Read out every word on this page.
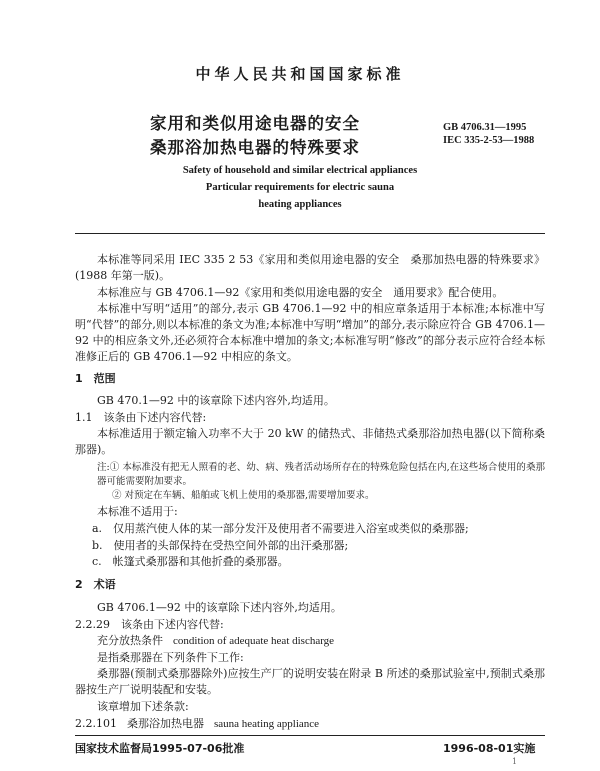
中华人民共和国国家标准
家用和类似用途电器的安全
桑那浴加热电器的特殊要求
GB 4706.31—1995
IEC 335-2-53—1988
Safety of household and similar electrical appliances
Particular requirements for electric sauna
heating appliances
本标准等同采用 IEC 335 2 53《家用和类似用途电器的安全　桑那加热电器的特殊要求》(1988 年第一版)。
本标准应与 GB 4706.1—92《家用和类似用途电器的安全　通用要求》配合使用。
本标准中写明“适用”的部分,表示 GB 4706.1—92 中的相应章条适用于本标准;本标准中写明“代替”的部分,则以本标准的条文为准;本标准中写明“增加”的部分,表示除应符合 GB 4706.1—92 中的相应条文外,还必须符合本标准中增加的条文;本标准写明“修改”的部分表示应符合经本标准修正后的 GB 4706.1—92 中相应的条文。
1　范围
GB 470.1—92 中的该章除下述内容外,均适用。
1.1　该条由下述内容代替:
本标准适用于额定输入功率不大于 20 kW 的储热式、非储热式桑那浴加热电器(以下简称桑那器)。
注:① 本标准没有把无人照看的老、幼、病、残者活动场所存在的特殊危险包括在内,在这些场合使用的桑那器可能需要附加要求。
② 对预定在车辆、船舶或飞机上使用的桑那器,需要增加要求。
本标准不适用于:
a.　仅用蒸汽使人体的某一部分发汗及使用者不需要进入浴室或类似的桑那器;
b.　使用者的头部保持在受热空间外部的出汗桑那器;
c.　帐篷式桑那器和其他折叠的桑那器。
2　术语
GB 4706.1—92 中的该章除下述内容外,均适用。
2.2.29　该条由下述内容代替:
充分放热条件 condition of adequate heat discharge
是指桑那器在下列条件下工作:
桑那器(预制式桑那器除外)应按生产厂的说明安装在附录 B 所述的桑那试验室中,预制式桑那器按生产厂说明装配和安装。
该章增加下述条款:
2.2.101 桑那浴加热电器 sauna heating appliance
国家技术监督局1995-07-06批准	1996-08-01实施
1
